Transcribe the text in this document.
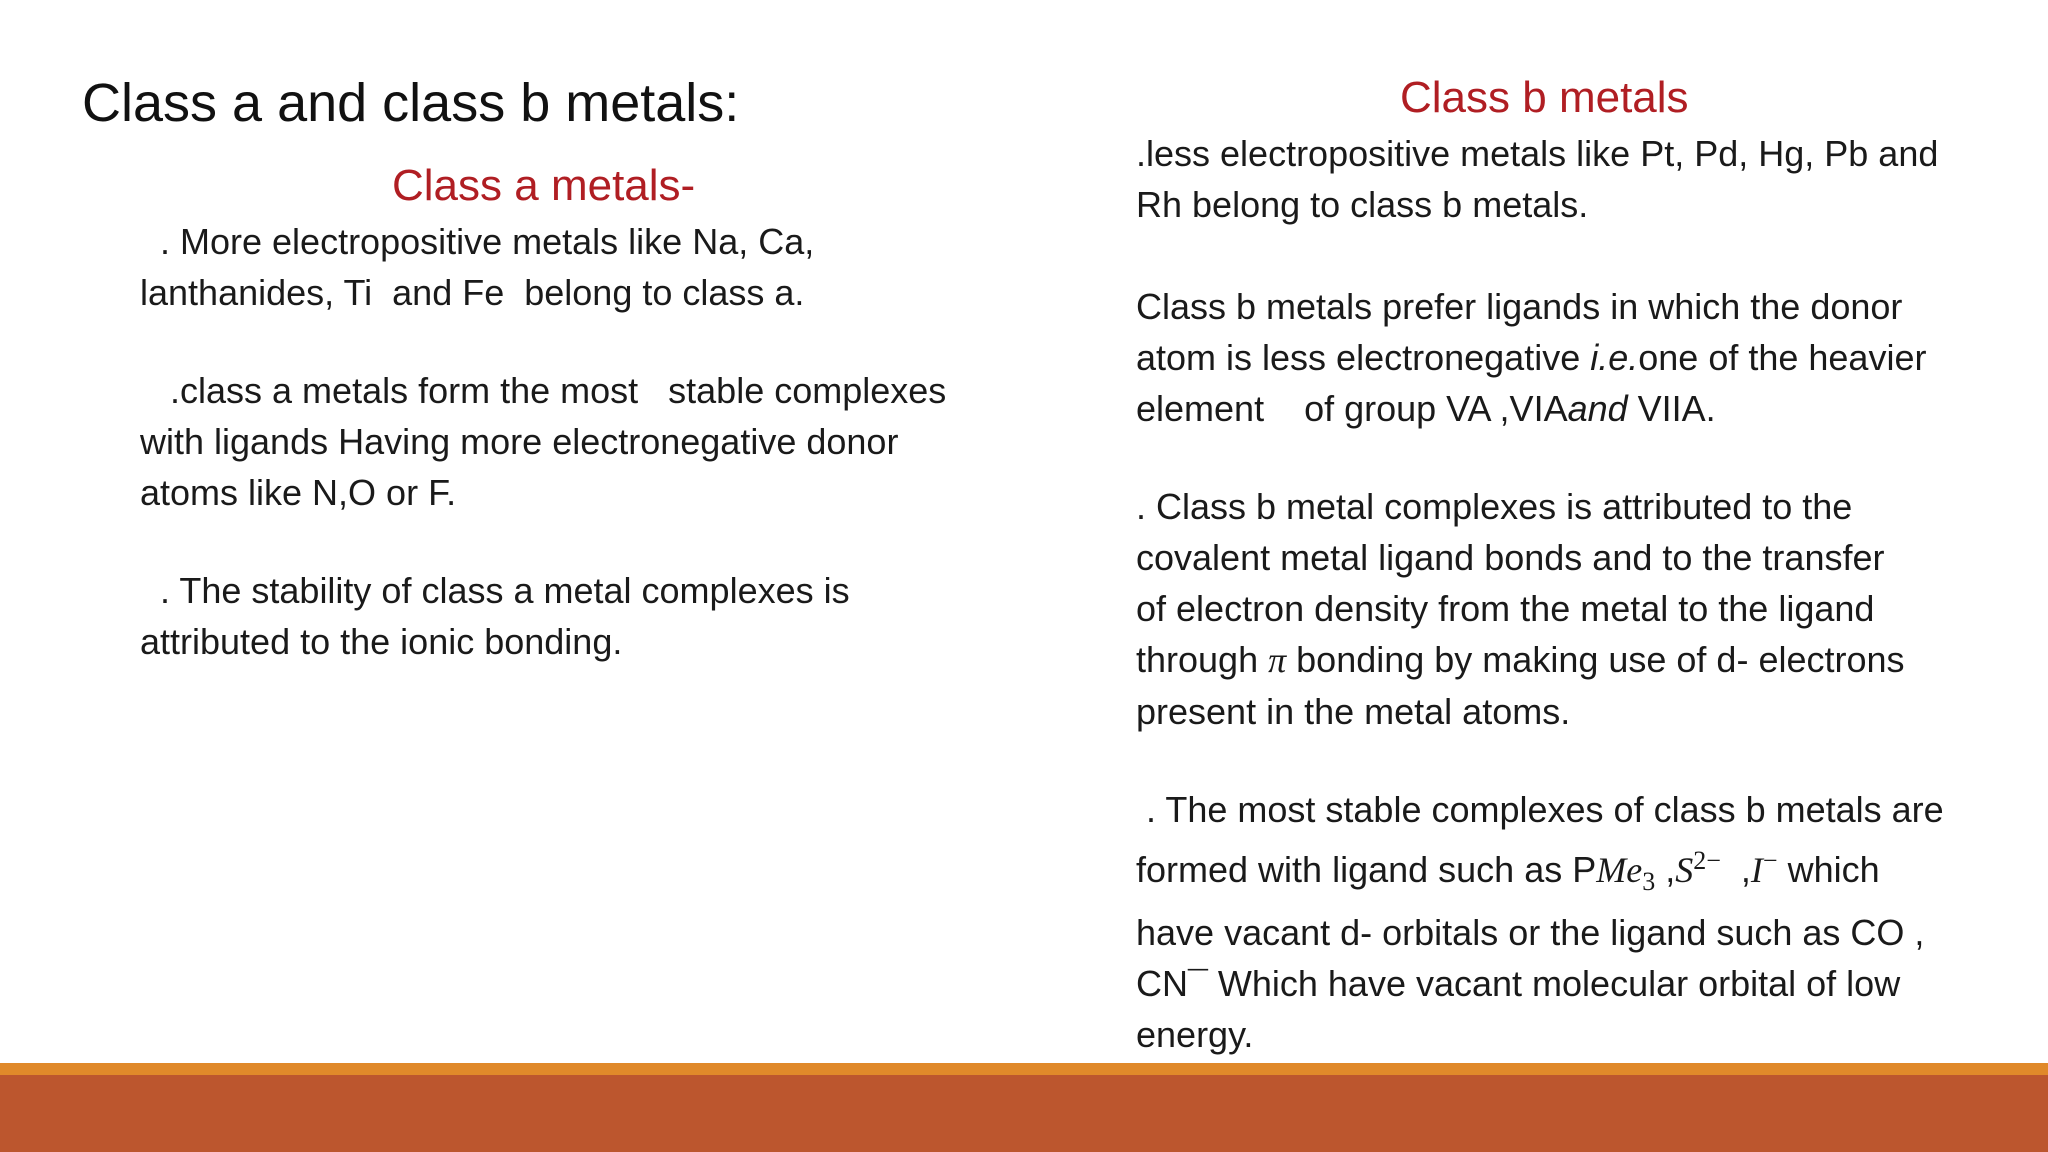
Class a and class b metals:
Class a metals-
. More electropositive metals like Na, Ca,
lanthanides, Ti  and Fe  belong to class a.
.class a metals form the most   stable complexes
with ligands Having more electronegative donor
atoms like N,O or F.
. The stability of class a metal complexes is
attributed to the ionic bonding.
Class b metals
.less electropositive metals like Pt, Pd, Hg, Pb and
Rh belong to class b metals.
Class b metals prefer ligands in which the donor
atom is less electronegative i.e.one of the heavier
element    of group VA ,VIAand VIIA.
. Class b metal complexes is attributed to the
covalent metal ligand bonds and to the transfer
of electron density from the metal to the ligand
through π bonding by making use of d- electrons
present in the metal atoms.
. The most stable complexes of class b metals are
formed with ligand such as PMe$_3$ $,S^{2-}$  ,I− which
have vacant d- orbitals or the ligand such as CO ,
CN¯ Which have vacant molecular orbital of low
energy.
